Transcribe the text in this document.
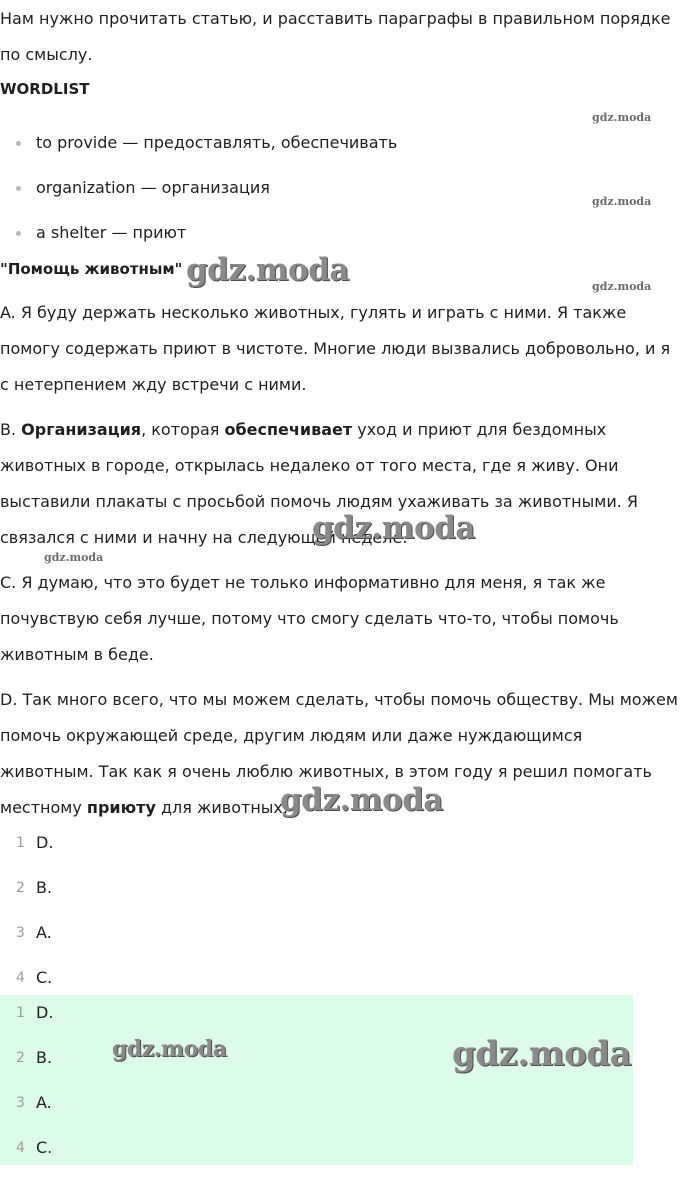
Нам нужно прочитать статью, и расставить параграфы в правильном порядке по смыслу.

WORDLIST
to provide — предоставлять, обеспечивать
organization — организация
a shelter — приют
"Помощь животным"

A. Я буду держать несколько животных, гулять и играть с ними. Я также помогу содержать приют в чистоте. Многие люди вызвались добровольно, и я с нетерпением жду встречи с ними.

B. Организация, которая обеспечивает уход и приют для бездомных животных в городе, открылась недалеко от того места, где я живу. Они выставили плакаты с просьбой помочь людям ухаживать за животными. Я связался с ними и начну на следующей неделе.

C. Я думаю, что это будет не только информативно для меня, я так же почувствую себя лучше, потому что смогу сделать что-то, чтобы помочь животным в беде.

D. Так много всего, что мы можем сделать, чтобы помочь обществу. Мы можем помочь окружающей среде, другим людям или даже нуждающимся животным. Так как я очень люблю животных, в этом году я решил помогать местному приюту для животных.

1 D.
2 B.
3 A.
4 C.
1 D.
2 B.
3 A.
4 C.
gdz.moda
gdz.moda
gdz.moda
gdz.moda
gdz.moda
gdz.moda
gdz.moda
gdz.moda	gdz.moda
